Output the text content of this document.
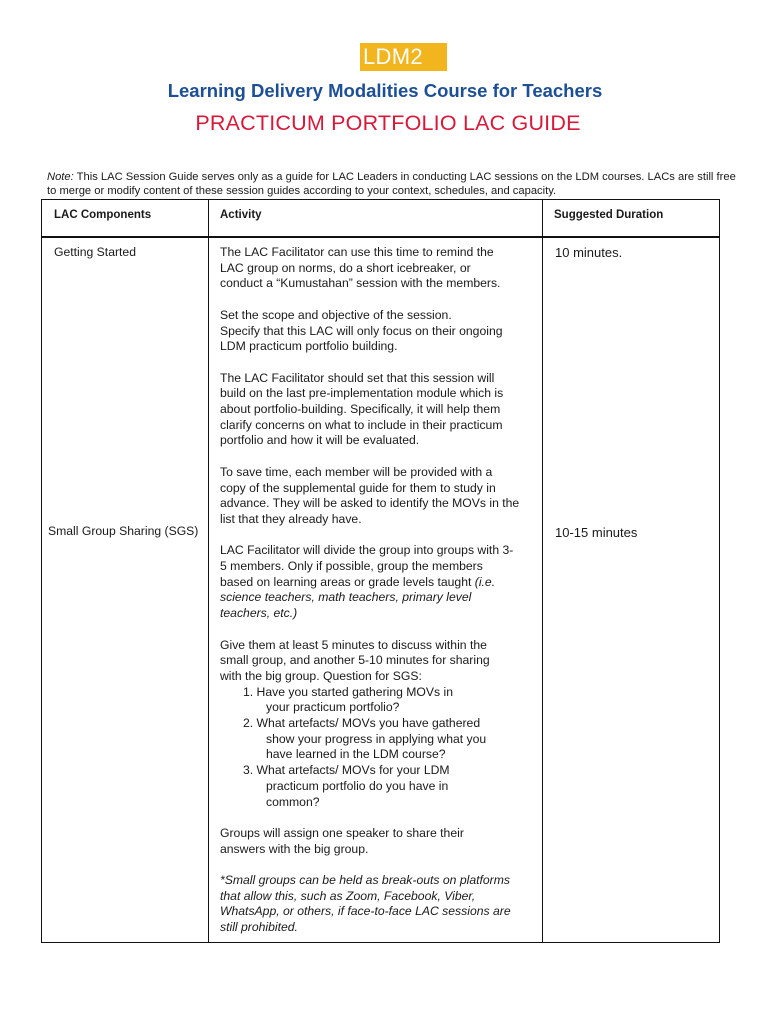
LDM2
Learning Delivery Modalities Course for Teachers
PRACTICUM PORTFOLIO LAC GUIDE
Note: This LAC Session Guide serves only as a guide for LAC Leaders in conducting LAC sessions on the LDM courses. LACs are still free to merge or modify content of these session guides according to your context, schedules, and capacity.
LAC Components	Activity	Suggested Duration
Getting Started
Small Group Sharing (SGS)
10 minutes.
10-15 minutes

The LAC Facilitator can use this time to remind the
LAC group on norms, do a short icebreaker, or
conduct a “Kumustahan” session with the members.

Set the scope and objective of the session.
Specify that this LAC will only focus on their ongoing
LDM practicum portfolio building.

The LAC Facilitator should set that this session will
build on the last pre-implementation module which is
about portfolio-building. Specifically, it will help them
clarify concerns on what to include in their practicum
portfolio and how it will be evaluated.

To save time, each member will be provided with a
copy of the supplemental guide for them to study in
advance. They will be asked to identify the MOVs in the
list that they already have.

LAC Facilitator will divide the group into groups with 3-
5 members. Only if possible, group the members
based on learning areas or grade levels taught (i.e.
science teachers, math teachers, primary level
teachers, etc.)

Give them at least 5 minutes to discuss within the
small group, and another 5-10 minutes for sharing
with the big group. Question for SGS:

1. Have you started gathering MOVs in
your practicum portfolio?
2. What artefacts/ MOVs you have gathered
show your progress in applying what you
have learned in the LDM course?
3. What artefacts/ MOVs for your LDM
practicum portfolio do you have in
common?

Groups will assign one speaker to share their
answers with the big group.

*Small groups can be held as break-outs on platforms
that allow this, such as Zoom, Facebook, Viber,
WhatsApp, or others, if face-to-face LAC sessions are
still prohibited.
